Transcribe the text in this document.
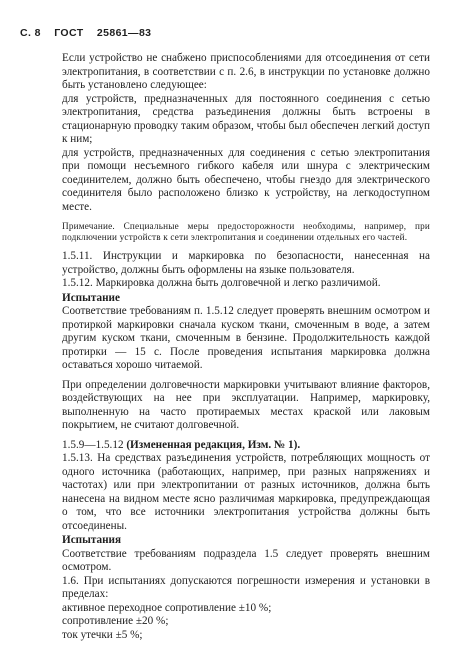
С. 8 ГОСТ 25861—83

Если устройство не снабжено приспособлениями для отсоединения от сети электропитания, в соответствии с п. 2.6, в инструкции по установке должно быть установлено следующее:

для устройств, предназначенных для постоянного соединения с сетью электропитания, средства разъединения должны быть встроены в стационарную проводку таким образом, чтобы был обеспечен легкий доступ к ним;

для устройств, предназначенных для соединения с сетью электропитания при помощи несъемного гибкого кабеля или шнура с электрическим соединителем, должно быть обеспечено, чтобы гнездо для электрического соединителя было расположено близко к устройству, на легкодоступном месте.

Примечание. Специальные меры предосторожности необходимы, например, при подключении устройств к сети электропитания и соединении отдельных его частей.

1.5.11. Инструкции и маркировка по безопасности, нанесенная на устройство, должны быть оформлены на языке пользователя.

1.5.12. Маркировка должна быть долговечной и легко различимой.

Испытание

Соответствие требованиям п. 1.5.12 следует проверять внешним осмотром и протиркой маркировки сначала куском ткани, смоченным в воде, а затем другим куском ткани, смоченным в бензине. Продолжительность каждой протирки — 15 с. После проведения испытания маркировка должна оставаться хорошо читаемой.

При определении долговечности маркировки учитывают влияние факторов, воздействующих на нее при эксплуатации. Например, маркировку, выполненную на часто протираемых местах краской или лаковым покрытием, не считают долговечной.

1.5.9—1.5.12 (Измененная редакция, Изм. № 1).

1.5.13. На средствах разъединения устройств, потребляющих мощность от одного источника (работающих, например, при разных напряжениях и частотах) или при электропитании от разных источников, должна быть нанесена на видном месте ясно различимая маркировка, предупреждающая о том, что все источники электропитания устройства должны быть отсоединены.

Испытания

Соответствие требованиям подраздела 1.5 следует проверять внешним осмотром.

1.6. При испытаниях допускаются погрешности измерения и установки в пределах:

активное переходное сопротивление ±10 %;

сопротивление ±20 %;

ток утечки ±5 %;
